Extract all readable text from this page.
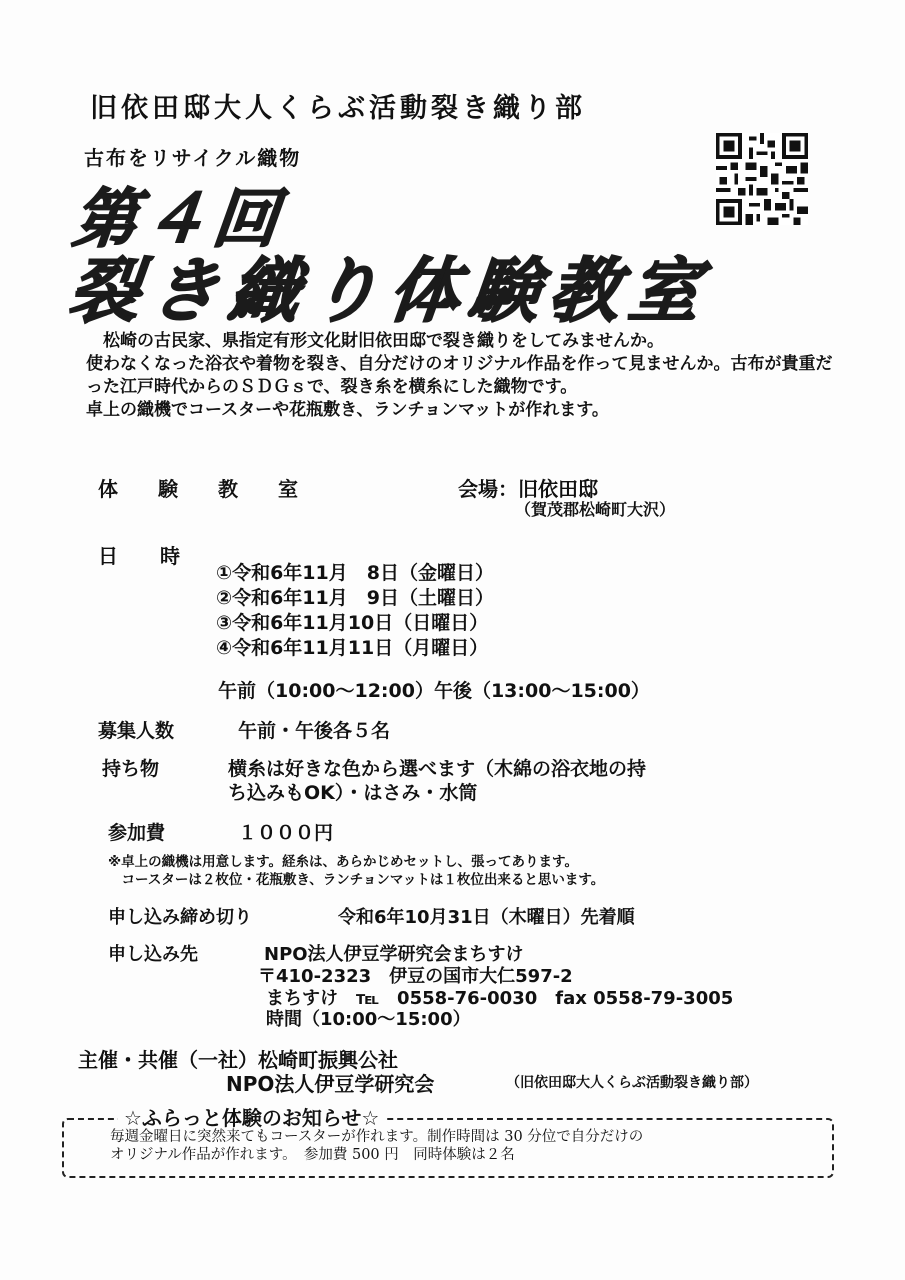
旧依田邸大人くらぶ活動裂き織り部
古布をリサイクル織物
第４回
裂き織り体験教室

　松崎の古民家、県指定有形文化財旧依田邸で裂き織りをしてみませんか。

使わなくなった浴衣や着物を裂き、自分だけのオリジナル作品を作って見ませんか。古布が貴重だった江戸時代からのＳＤＧｓで、裂き糸を横糸にした織物です。

卓上の織機でコースターや花瓶敷き、ランチョンマットが作れます。

体験教室	会場：旧依田邸
（賀茂郡松崎町大沢）
日時
①令和6年11月　8日（金曜日）
②令和6年11月　9日（土曜日）
③令和6年11月10日（日曜日）
④令和6年11月11日（月曜日）
午前（10:00～12:00）午後（13:00～15:00）
募集人数	午前・午後各５名
持ち物	横糸は好きな色から選べます（木綿の浴衣地の持
ち込みもOK）・はさみ・水筒
参加費	１０００円
※卓上の織機は用意します。経糸は、あらかじめセットし、張ってあります。
　コースターは２枚位・花瓶敷き、ランチョンマットは１枚位出来ると思います。
申し込み締め切り	令和6年10月31日（木曜日）先着順
申し込み先	NPO法人伊豆学研究会まちすけ
〒410-2323　伊豆の国市大仁597-2
まちすけ　℡　0558-76-0030　fax 0558-79-3005
時間（10:00～15:00）
主催・共催（一社）松崎町振興公社
NPO法人伊豆学研究会	（旧依田邸大人くらぶ活動裂き織り部）
☆ふらっと体験のお知らせ☆
毎週金曜日に突然来てもコースターが作れます。制作時間は 30 分位で自分だけの
オリジナル作品が作れます。　参加費 500 円　同時体験は２名
